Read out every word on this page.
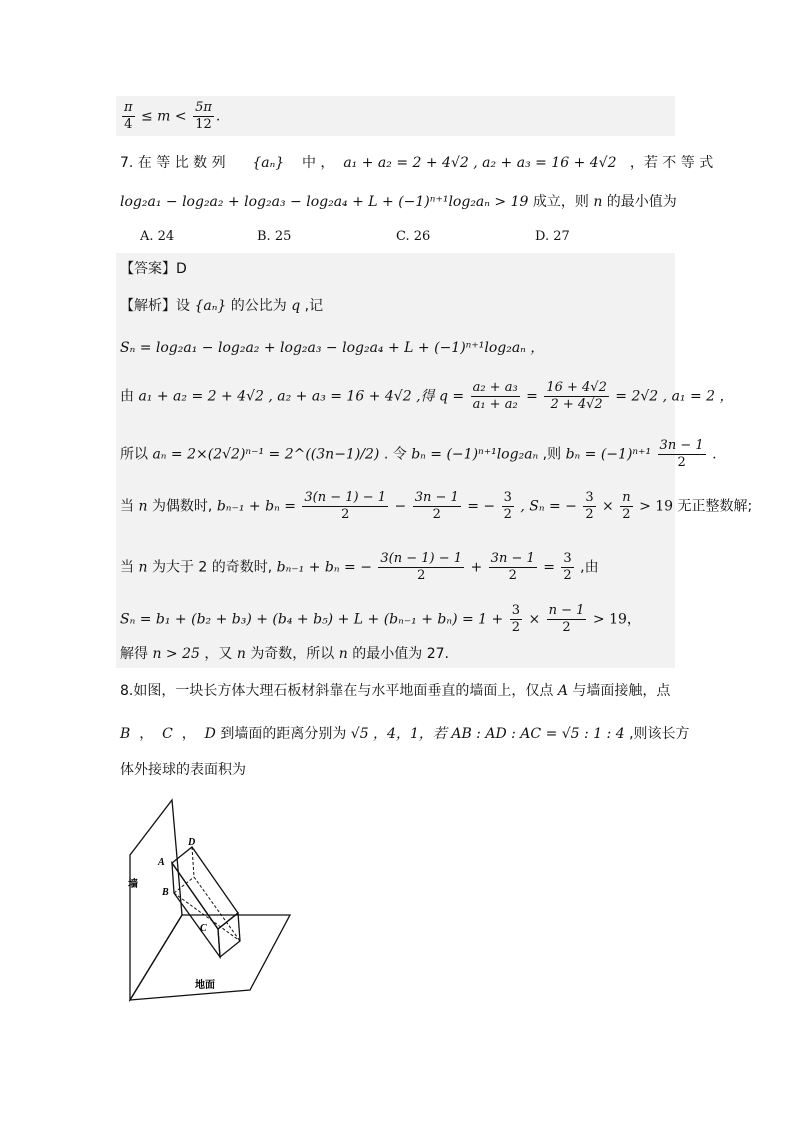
$\frac{\pi}{4} \le m < \frac{5\pi}{12}$ .
7. 在 等 比 数 列 {aₙ} 中 ， a₁ + a₂ = 2 + 4√2 , a₂ + a₃ = 16 + 4√2 ，若 不 等 式
log₂a₁ − log₂a₂ + log₂a₃ − log₂a₄ + L + (−1)ⁿ⁺¹log₂aₙ > 19 成立，则 n 的最小值为
A. 24	B. 25	C. 26	D. 27
【答案】D
【解析】设 {aₙ} 的公比为 q ,记
Sₙ = log₂a₁ − log₂a₂ + log₂a₃ − log₂a₄ + L + (−1)ⁿ⁺¹log₂aₙ ，
由 a₁ + a₂ = 2 + 4√2 , a₂ + a₃ = 16 + 4√2 ,得 $q = \frac{\text{a₂ + a₃}}{\text{a₁ + a₂}} = \frac{16 + 4√2}{2 + 4√2} = 2√2$ , a₁ = 2 ，
所以 aₙ = 2×(2√2)ⁿ⁻¹ = 2^((3n−1)/2) . 令 bₙ = (−1)ⁿ⁺¹log₂aₙ ,则 $b_n = (-1)^{n+1} \frac{3n - 1}{2}$ .
当 n 为偶数时, $b_{n-1} + b_n = \frac{3(n - 1) - 1}{2} - \frac{3n - 1}{2}$ = − $\frac{3}{2}$ , Sₙ = − $\frac{3}{2} \times \frac{n}{2} > 19$ 无正整数解;
当 n 为大于 2 的奇数时, bₙ₋₁ + bₙ = − $\frac{3(n - 1) - 1}{2} + \frac{3n - 1}{2} = \frac{3}{2}$ ,由
$S_n = b_1 + (b_2 + b_3) + (b_4 + b_5) + L + (b_{n-1} + b_n) = 1 + \frac{3}{2} \times \frac{n - 1}{2} > 19$，
解得 n > 25 ，又 n 为奇数，所以 n 的最小值为 27.
8.如图，一块长方体大理石板材斜靠在与水平地面垂直的墙面上，仅点 A 与墙面接触，点
B ， C ， D 到墙面的距离分别为 √5 ，4，1，若 AB : AD : AC = √5 : 1 : 4 ,则该长方
体外接球的表面积为
A
B
C
D
墙
地面
